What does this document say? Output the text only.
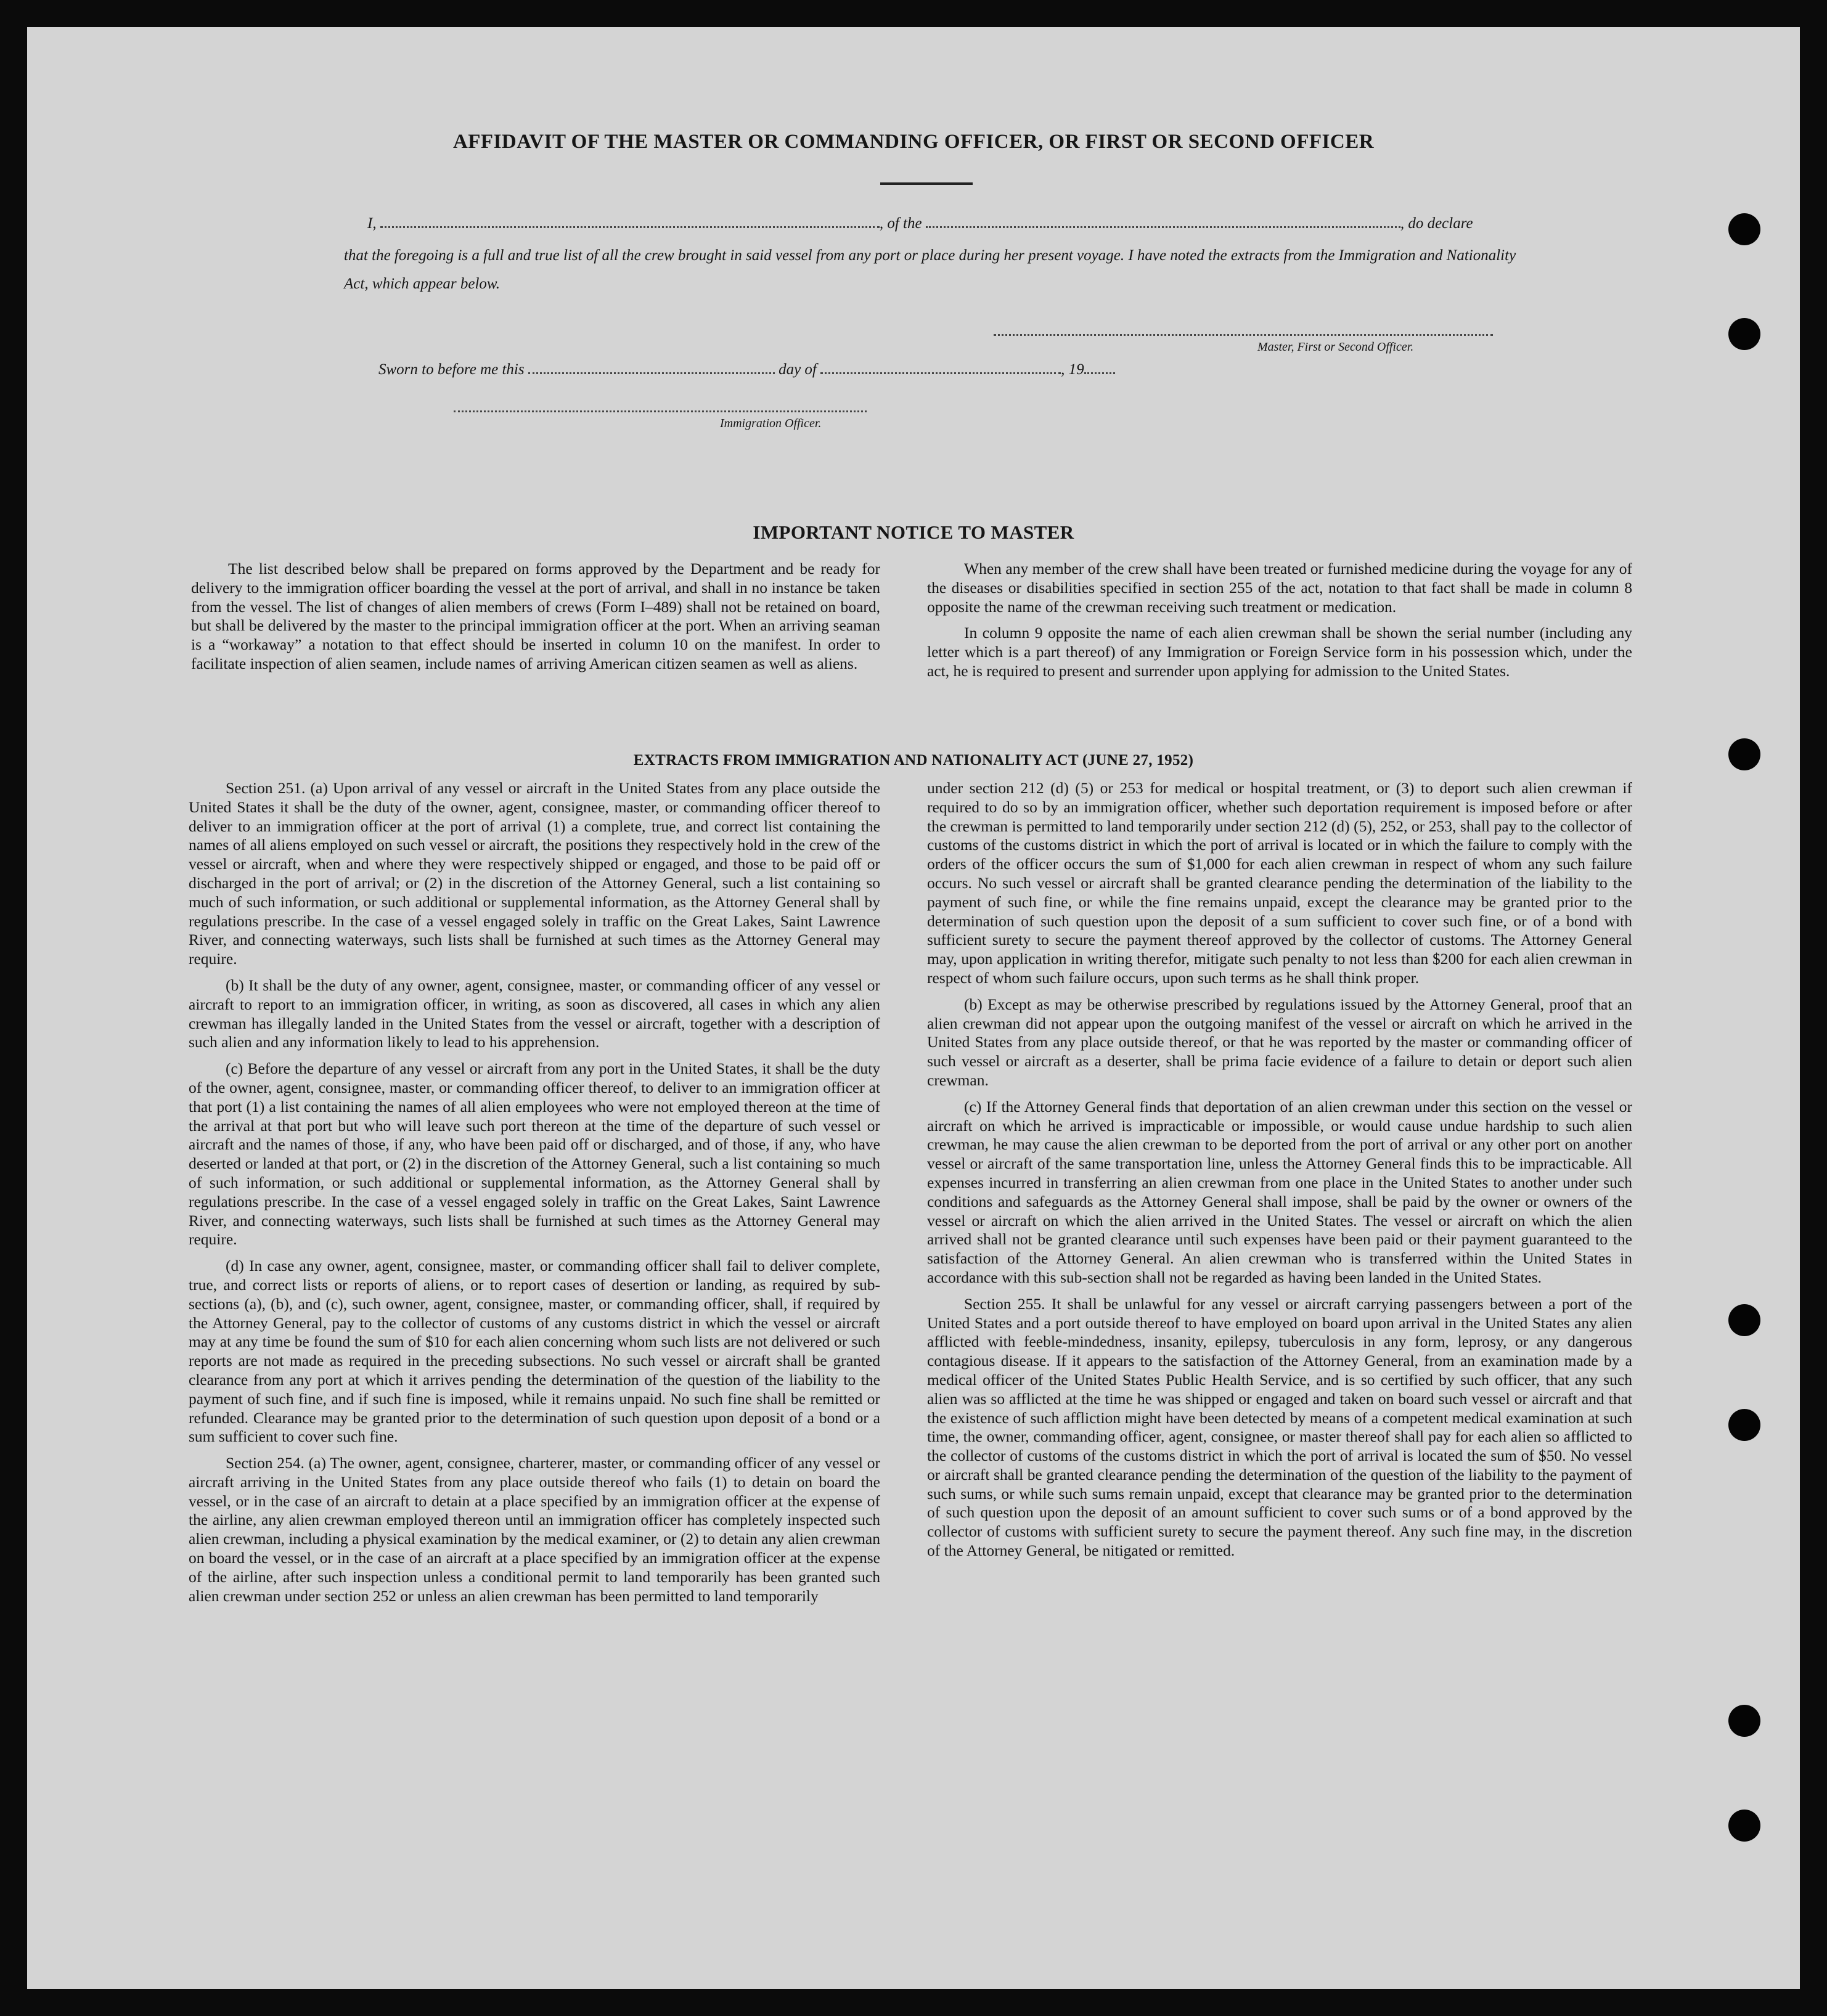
AFFIDAVIT OF THE MASTER OR COMMANDING OFFICER, OR FIRST OR SECOND OFFICER
I,	, of the	, do declare
that the foregoing is a full and true list of all the crew brought in said vessel from any port or place during her present voyage. I have noted the extracts from the Immigration and Nationality Act, which appear below.
Master, First or Second Officer.
Sworn to before me this	day of	, 19
Immigration Officer.
IMPORTANT NOTICE TO MASTER

The list described below shall be prepared on forms approved by the Department and be ready for delivery to the immigration officer boarding the vessel at the port of arrival, and shall in no instance be taken from the vessel. The list of changes of alien members of crews (Form I–489) shall not be retained on board, but shall be delivered by the master to the principal immigration officer at the port. When an arriving seaman is a “workaway” a notation to that effect should be inserted in column 10 on the manifest. In order to facilitate inspection of alien seamen, include names of arriving American citizen seamen as well as aliens.

When any member of the crew shall have been treated or furnished medicine during the voyage for any of the diseases or disabilities specified in section 255 of the act, notation to that fact shall be made in column 8 opposite the name of the crewman receiving such treatment or medication.

In column 9 opposite the name of each alien crewman shall be shown the serial number (including any letter which is a part thereof) of any Immigration or Foreign Service form in his possession which, under the act, he is required to present and surrender upon applying for admission to the United States.

EXTRACTS FROM IMMIGRATION AND NATIONALITY ACT (JUNE 27, 1952)

Section 251. (a) Upon arrival of any vessel or aircraft in the United States from any place outside the United States it shall be the duty of the owner, agent, consignee, master, or commanding officer thereof to deliver to an immigration officer at the port of arrival (1) a complete, true, and correct list containing the names of all aliens employed on such vessel or aircraft, the positions they respectively hold in the crew of the vessel or aircraft, when and where they were respectively shipped or engaged, and those to be paid off or discharged in the port of arrival; or (2) in the discretion of the Attorney General, such a list containing so much of such information, or such additional or supplemental information, as the Attorney General shall by regulations prescribe. In the case of a vessel engaged solely in traffic on the Great Lakes, Saint Lawrence River, and connecting waterways, such lists shall be furnished at such times as the Attorney General may require.

(b) It shall be the duty of any owner, agent, consignee, master, or commanding officer of any vessel or aircraft to report to an immigration officer, in writing, as soon as discovered, all cases in which any alien crewman has illegally landed in the United States from the vessel or aircraft, together with a description of such alien and any information likely to lead to his apprehension.

(c) Before the departure of any vessel or aircraft from any port in the United States, it shall be the duty of the owner, agent, consignee, master, or commanding officer thereof, to deliver to an immigration officer at that port (1) a list containing the names of all alien employees who were not employed thereon at the time of the arrival at that port but who will leave such port thereon at the time of the departure of such vessel or aircraft and the names of those, if any, who have been paid off or discharged, and of those, if any, who have deserted or landed at that port, or (2) in the discretion of the Attorney General, such a list containing so much of such information, or such additional or supplemental information, as the Attorney General shall by regulations prescribe. In the case of a vessel engaged solely in traffic on the Great Lakes, Saint Lawrence River, and connecting waterways, such lists shall be furnished at such times as the Attorney General may require.

(d) In case any owner, agent, consignee, master, or commanding officer shall fail to deliver complete, true, and correct lists or reports of aliens, or to report cases of desertion or landing, as required by sub-sections (a), (b), and (c), such owner, agent, consignee, master, or commanding officer, shall, if required by the Attorney General, pay to the collector of customs of any customs district in which the vessel or aircraft may at any time be found the sum of $10 for each alien concerning whom such lists are not delivered or such reports are not made as required in the preceding subsections. No such vessel or aircraft shall be granted clearance from any port at which it arrives pending the determination of the question of the liability to the payment of such fine, and if such fine is imposed, while it remains unpaid. No such fine shall be remitted or refunded. Clearance may be granted prior to the determination of such question upon deposit of a bond or a sum sufficient to cover such fine.

Section 254. (a) The owner, agent, consignee, charterer, master, or commanding officer of any vessel or aircraft arriving in the United States from any place outside thereof who fails (1) to detain on board the vessel, or in the case of an aircraft to detain at a place specified by an immigration officer at the expense of the airline, any alien crewman employed thereon until an immigration officer has completely inspected such alien crewman, including a physical examination by the medical examiner, or (2) to detain any alien crewman on board the vessel, or in the case of an aircraft at a place specified by an immigration officer at the expense of the airline, after such inspection unless a conditional permit to land temporarily has been granted such alien crewman under section 252 or unless an alien crewman has been permitted to land temporarily

under section 212 (d) (5) or 253 for medical or hospital treatment, or (3) to deport such alien crewman if required to do so by an immigration officer, whether such deportation requirement is imposed before or after the crewman is permitted to land temporarily under section 212 (d) (5), 252, or 253, shall pay to the collector of customs of the customs district in which the port of arrival is located or in which the failure to comply with the orders of the officer occurs the sum of $1,000 for each alien crewman in respect of whom any such failure occurs. No such vessel or aircraft shall be granted clearance pending the determination of the liability to the payment of such fine, or while the fine remains unpaid, except the clearance may be granted prior to the determination of such question upon the deposit of a sum sufficient to cover such fine, or of a bond with sufficient surety to secure the payment thereof approved by the collector of customs. The Attorney General may, upon application in writing therefor, mitigate such penalty to not less than $200 for each alien crewman in respect of whom such failure occurs, upon such terms as he shall think proper.

(b) Except as may be otherwise prescribed by regulations issued by the Attorney General, proof that an alien crewman did not appear upon the outgoing manifest of the vessel or aircraft on which he arrived in the United States from any place outside thereof, or that he was reported by the master or commanding officer of such vessel or aircraft as a deserter, shall be prima facie evidence of a failure to detain or deport such alien crewman.

(c) If the Attorney General finds that deportation of an alien crewman under this section on the vessel or aircraft on which he arrived is impracticable or impossible, or would cause undue hardship to such alien crewman, he may cause the alien crewman to be deported from the port of arrival or any other port on another vessel or aircraft of the same transportation line, unless the Attorney General finds this to be impracticable. All expenses incurred in transferring an alien crewman from one place in the United States to another under such conditions and safeguards as the Attorney General shall impose, shall be paid by the owner or owners of the vessel or aircraft on which the alien arrived in the United States. The vessel or aircraft on which the alien arrived shall not be granted clearance until such expenses have been paid or their payment guaranteed to the satisfaction of the Attorney General. An alien crewman who is transferred within the United States in accordance with this sub-section shall not be regarded as having been landed in the United States.

Section 255. It shall be unlawful for any vessel or aircraft carrying passengers between a port of the United States and a port outside thereof to have employed on board upon arrival in the United States any alien afflicted with feeble-mindedness, insanity, epilepsy, tuberculosis in any form, leprosy, or any dangerous contagious disease. If it appears to the satisfaction of the Attorney General, from an examination made by a medical officer of the United States Public Health Service, and is so certified by such officer, that any such alien was so afflicted at the time he was shipped or engaged and taken on board such vessel or aircraft and that the existence of such affliction might have been detected by means of a competent medical examination at such time, the owner, commanding officer, agent, consignee, or master thereof shall pay for each alien so afflicted to the collector of customs of the customs district in which the port of arrival is located the sum of $50. No vessel or aircraft shall be granted clearance pending the determination of the question of the liability to the payment of such sums, or while such sums remain unpaid, except that clearance may be granted prior to the determination of such question upon the deposit of an amount sufficient to cover such sums or of a bond approved by the collector of customs with sufficient surety to secure the payment thereof. Any such fine may, in the discretion of the Attorney General, be nitigated or remitted.
